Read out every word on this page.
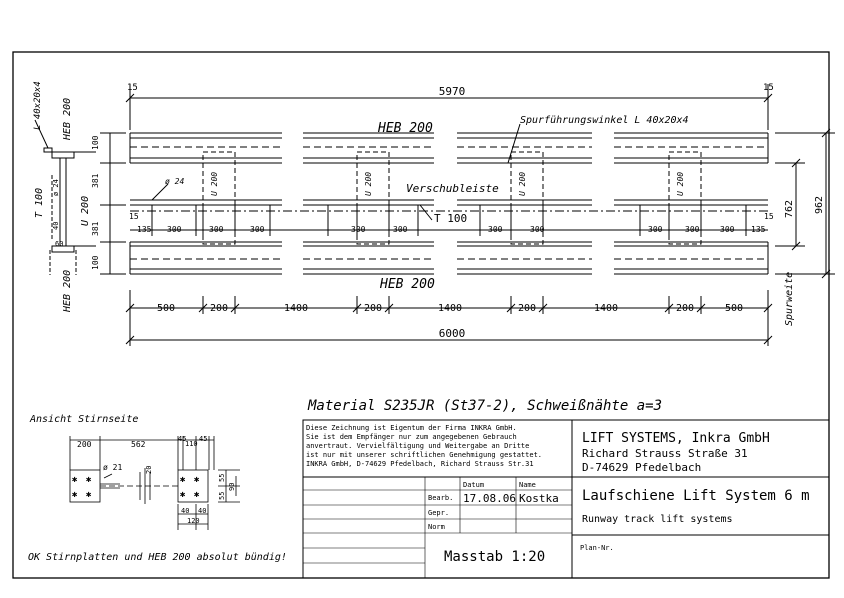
5970
15	15
HEB 200
Spurführungswinkel L 40x20x4
Verschubleiste
T 100
ø 24
HEB 200
U 200	U 200	U 200	U 200
15	15
135 300	300	300	300	300	300	300	300	300	300 135
500	200	1400	200	1400	200	1400	200	500
6000
962
762
Spurweite
100
381
381
100
L 40x20x4 HEB 200
T 100	U 200
ø 24
40
60
HEB 200
Material S235JR (St37-2), Schweißnähte a=3
Ansicht Stirnseite
✱ ✱
✱ ✱
✱ ✱
✱ ✱
200	562
45
110
45
ø 21	20
55
90
55
40 40
120
OK Stirnplatten und HEB 200 absolut bündig!
Diese Zeichnung ist Eigentum der Firma INKRA GmbH.
Sie ist dem Empfänger nur zum angegebenen Gebrauch
anvertraut. Vervielfältigung und Weitergabe an Dritte
ist nur mit unserer schriftlichen Genehmigung gestattet.
INKRA GmbH, D-74629 Pfedelbach, Richard Strauss Str.31
Datum	Name
Bearb.
Gepr.
Norm
17.08.06 Kostka
Masstab 1:20
LIFT SYSTEMS, Inkra GmbH
Richard Strauss Straße 31
D-74629 Pfedelbach
Laufschiene Lift System 6 m
Runway track lift systems
Plan-Nr.
